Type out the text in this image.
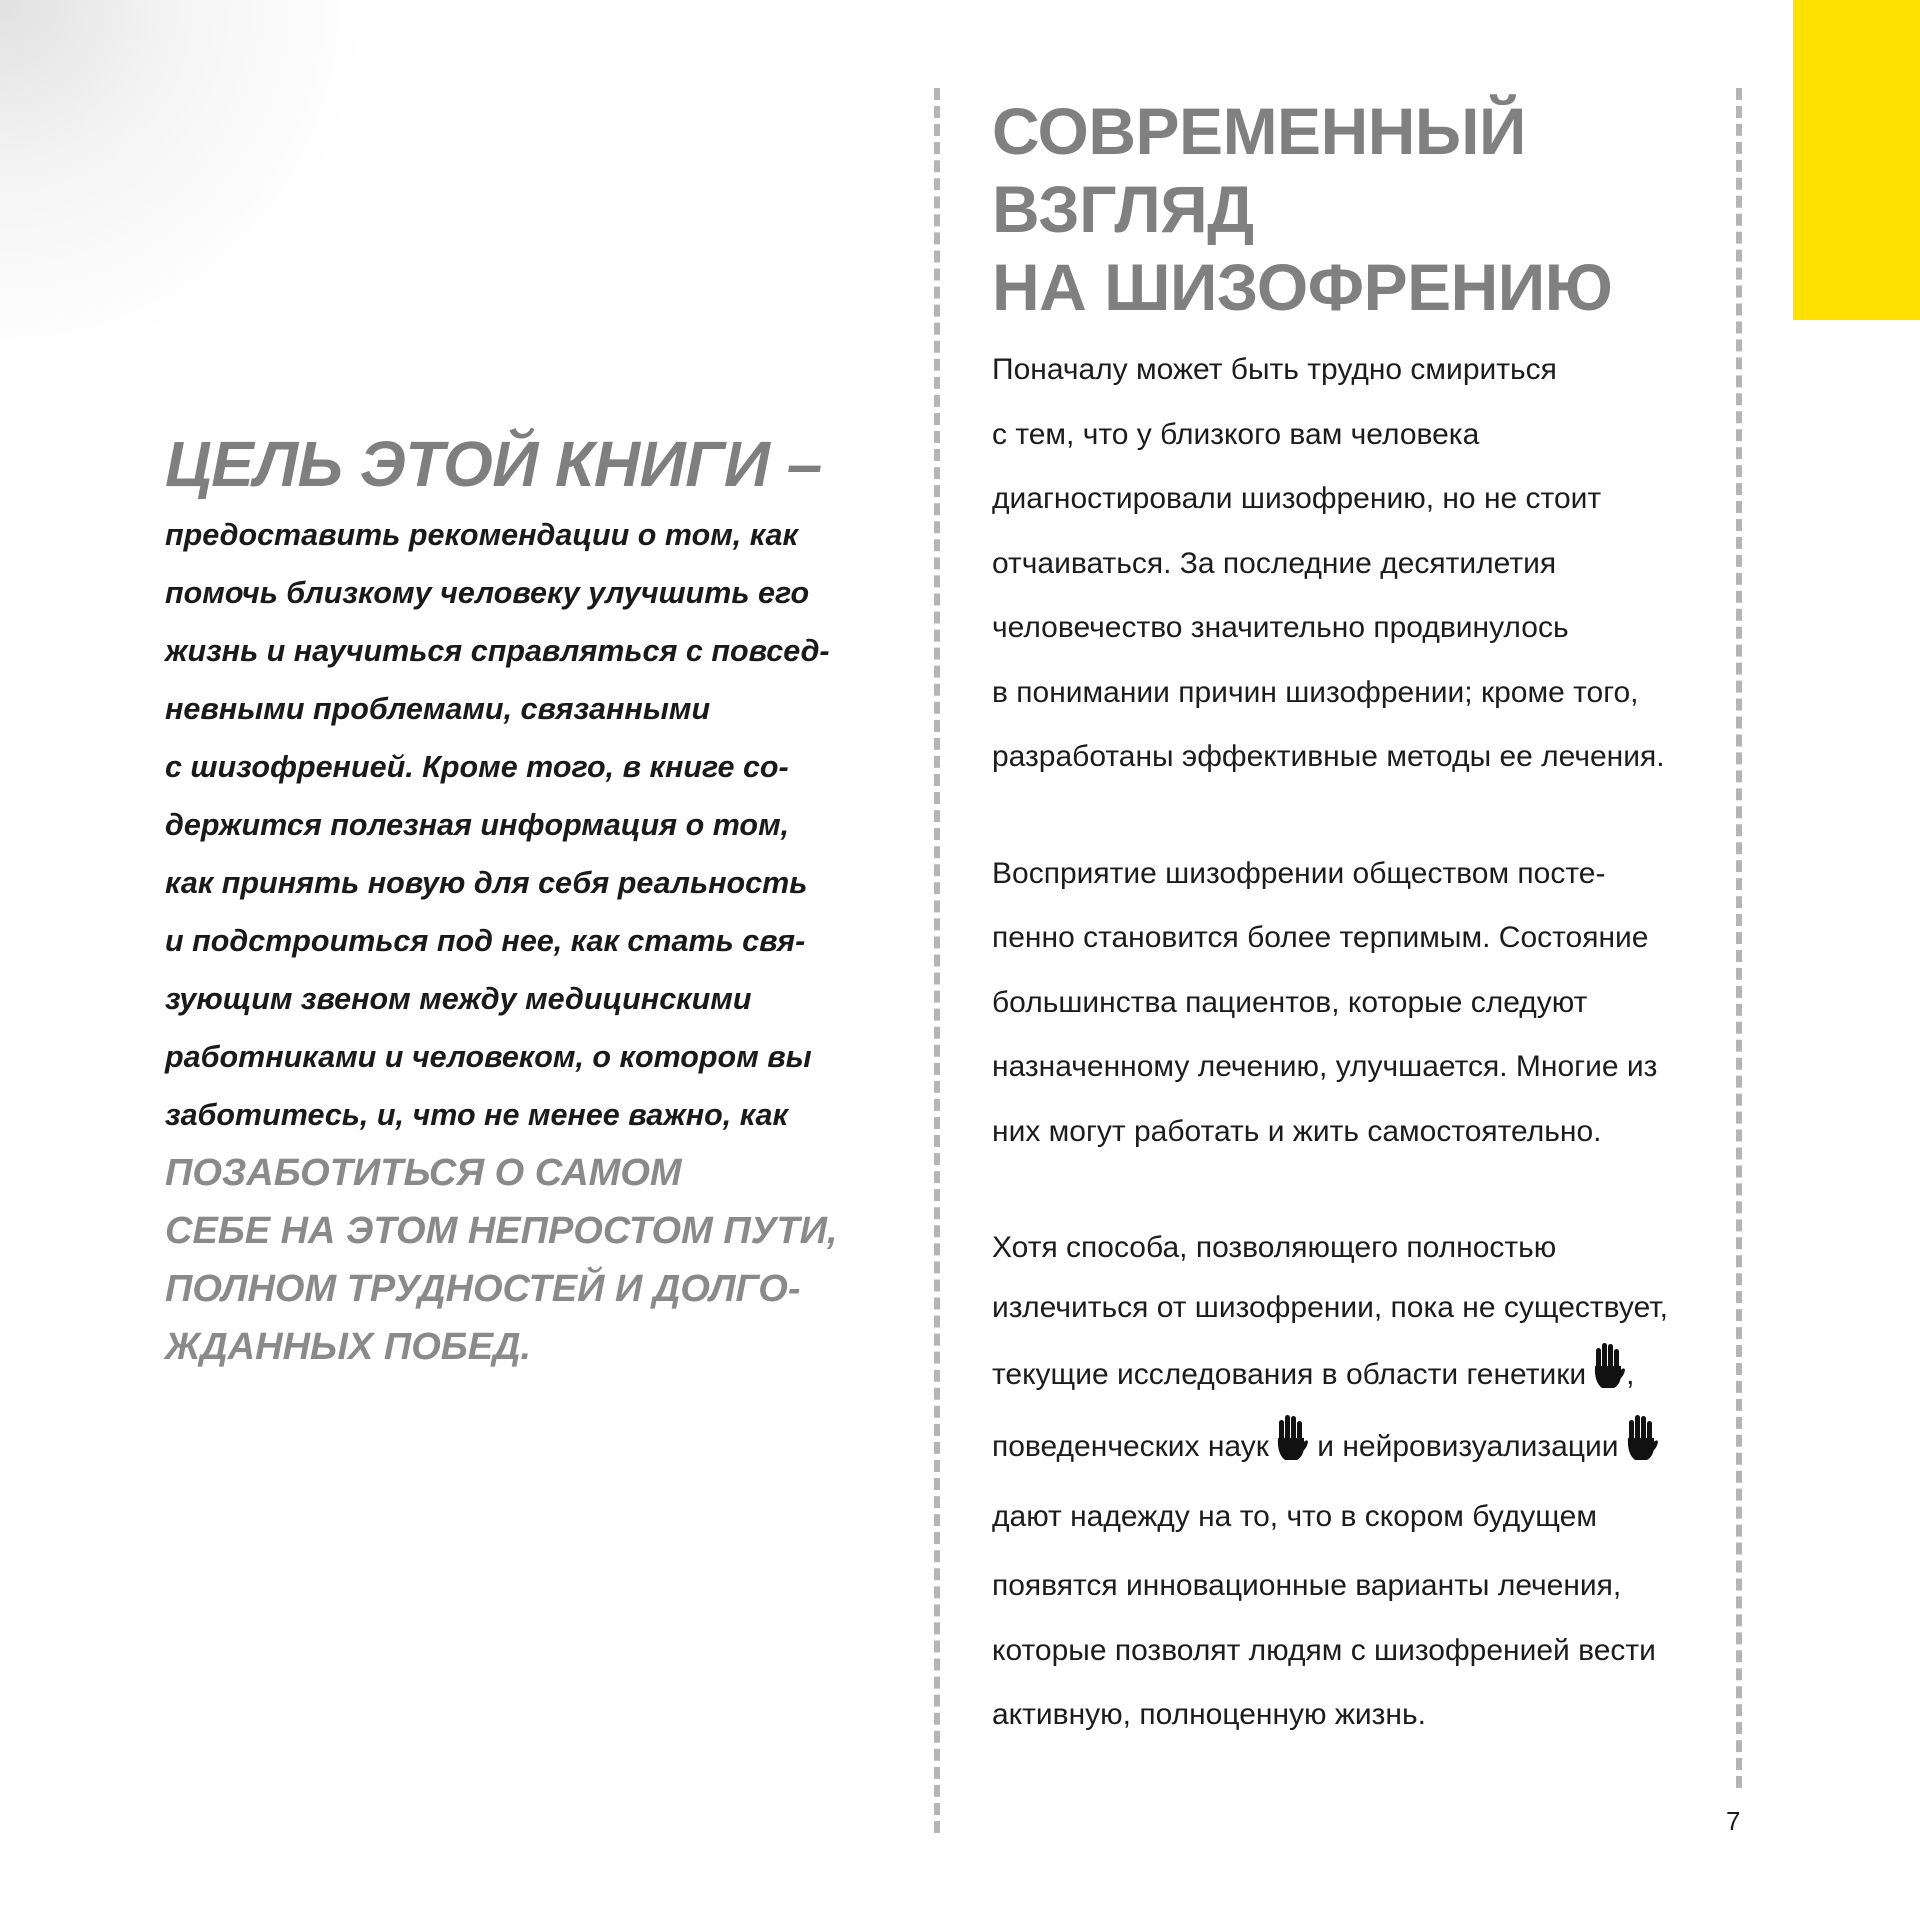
ЦЕЛЬ ЭТОЙ КНИГИ –
предоставить рекомендации о том, как
помочь близкому человеку улучшить его
жизнь и научиться справляться с повсед-
невными проблемами, связанными
с шизофренией. Кроме того, в книге со-
держится полезная информация о том,
как принять новую для себя реальность
и подстроиться под нее, как стать свя-
зующим звеном между медицинскими
работниками и человеком, о котором вы
заботитесь, и, что не менее важно, как
ПОЗАБОТИТЬСЯ О САМОМ
СЕБЕ НА ЭТОМ НЕПРОСТОМ ПУТИ,
ПОЛНОМ ТРУДНОСТЕЙ И ДОЛГО-
ЖДАННЫХ ПОБЕД.
СОВРЕМЕННЫЙ ВЗГЛЯД
НА ШИЗОФРЕНИЮ
Поначалу может быть трудно смириться
с тем, что у близкого вам человека
диагностировали шизофрению, но не стоит
отчаиваться. За последние десятилетия
человечество значительно продвинулось
в понимании причин шизофрении; кроме того,
разработаны эффективные методы ее лечения.
Восприятие шизофрении обществом посте-
пенно становится более терпимым. Состояние
большинства пациентов, которые следуют
назначенному лечению, улучшается. Многие из
них могут работать и жить самостоятельно.
Хотя способа, позволяющего полностью
излечиться от шизофрении, пока не существует,
текущие исследования в области генетики ,
поведенческих наук и нейровизуализации
дают надежду на то, что в скором будущем
появятся инновационные варианты лечения,
которые позволят людям с шизофренией вести
активную, полноценную жизнь.
7
